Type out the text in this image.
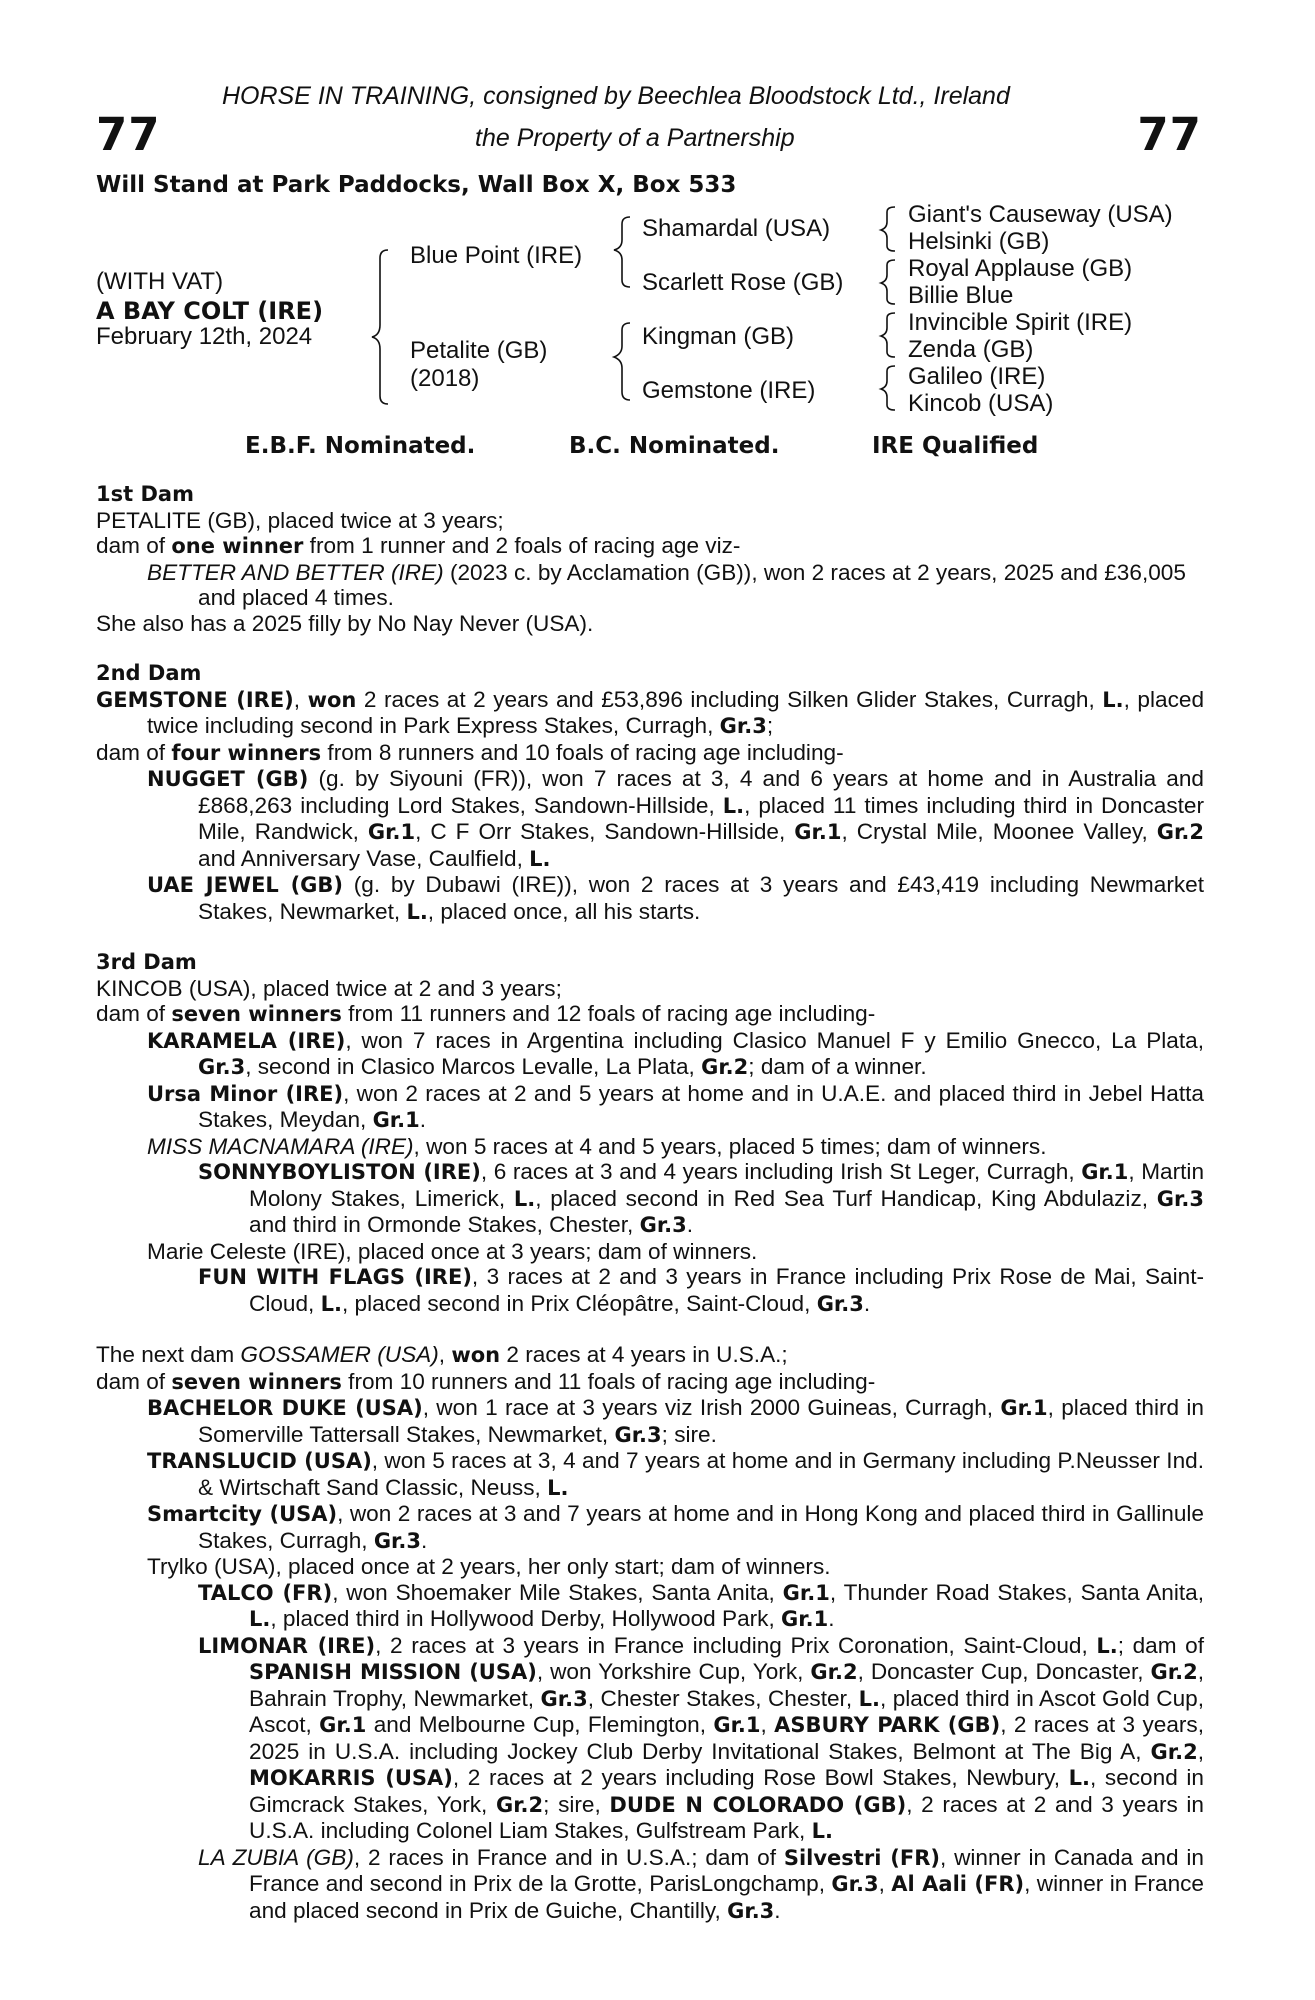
77	77
HORSE IN TRAINING, consigned by Beechlea Bloodstock Ltd., Ireland
the Property of a Partnership
Will Stand at Park Paddocks, Wall Box X, Box 533
(WITH VAT)
A BAY COLT (IRE)
February 12th, 2024
Blue Point (IRE)
Petalite (GB)
(2018)
Shamardal (USA)
Scarlett Rose (GB)
Kingman (GB)
Gemstone (IRE)
Giant's Causeway (USA)
Helsinki (GB)
Royal Applause (GB)
Billie Blue
Invincible Spirit (IRE)
Zenda (GB)
Galileo (IRE)
Kincob (USA)
E.B.F. Nominated.	B.C. Nominated.	IRE Qualified

1st Dam

PETALITE (GB), placed twice at 3 years;

dam of one winner from 1 runner and 2 foals of racing age viz-

BETTER AND BETTER (IRE) (2023 c. by Acclamation (GB)), won 2 races at 2 years, 2025 and £36,005 and placed 4 times.

She also has a 2025 filly by No Nay Never (USA).

2nd Dam

GEMSTONE (IRE), won 2 races at 2 years and £53,896 including Silken Glider Stakes, Curragh, L., placed twice including second in Park Express Stakes, Curragh, Gr.3;

dam of four winners from 8 runners and 10 foals of racing age including-

NUGGET (GB) (g. by Siyouni (FR)), won 7 races at 3, 4 and 6 years at home and in Australia and £868,263 including Lord Stakes, Sandown-Hillside, L., placed 11 times including third in Doncaster Mile, Randwick, Gr.1, C F Orr Stakes, Sandown-Hillside, Gr.1, Crystal Mile, Moonee Valley, Gr.2 and Anniversary Vase, Caulfield, L.

UAE JEWEL (GB) (g. by Dubawi (IRE)), won 2 races at 3 years and £43,419 including Newmarket Stakes, Newmarket, L., placed once, all his starts.

3rd Dam

KINCOB (USA), placed twice at 2 and 3 years;

dam of seven winners from 11 runners and 12 foals of racing age including-

KARAMELA (IRE), won 7 races in Argentina including Clasico Manuel F y Emilio Gnecco, La Plata, Gr.3, second in Clasico Marcos Levalle, La Plata, Gr.2; dam of a winner.

Ursa Minor (IRE), won 2 races at 2 and 5 years at home and in U.A.E. and placed third in Jebel Hatta Stakes, Meydan, Gr.1.

MISS MACNAMARA (IRE), won 5 races at 4 and 5 years, placed 5 times; dam of winners.

SONNYBOYLISTON (IRE), 6 races at 3 and 4 years including Irish St Leger, Curragh, Gr.1, Martin Molony Stakes, Limerick, L., placed second in Red Sea Turf Handicap, King Abdulaziz, Gr.3 and third in Ormonde Stakes, Chester, Gr.3.

Marie Celeste (IRE), placed once at 3 years; dam of winners.

FUN WITH FLAGS (IRE), 3 races at 2 and 3 years in France including Prix Rose de Mai, Saint-Cloud, L., placed second in Prix Cléopâtre, Saint-Cloud, Gr.3.

The next dam GOSSAMER (USA), won 2 races at 4 years in U.S.A.;

dam of seven winners from 10 runners and 11 foals of racing age including-

BACHELOR DUKE (USA), won 1 race at 3 years viz Irish 2000 Guineas, Curragh, Gr.1, placed third in Somerville Tattersall Stakes, Newmarket, Gr.3; sire.

TRANSLUCID (USA), won 5 races at 3, 4 and 7 years at home and in Germany including P.Neusser Ind. & Wirtschaft Sand Classic, Neuss, L.

Smartcity (USA), won 2 races at 3 and 7 years at home and in Hong Kong and placed third in Gallinule Stakes, Curragh, Gr.3.

Trylko (USA), placed once at 2 years, her only start; dam of winners.

TALCO (FR), won Shoemaker Mile Stakes, Santa Anita, Gr.1, Thunder Road Stakes, Santa Anita, L., placed third in Hollywood Derby, Hollywood Park, Gr.1.

LIMONAR (IRE), 2 races at 3 years in France including Prix Coronation, Saint-Cloud, L.; dam of SPANISH MISSION (USA), won Yorkshire Cup, York, Gr.2, Doncaster Cup, Doncaster, Gr.2, Bahrain Trophy, Newmarket, Gr.3, Chester Stakes, Chester, L., placed third in Ascot Gold Cup, Ascot, Gr.1 and Melbourne Cup, Flemington, Gr.1, ASBURY PARK (GB), 2 races at 3 years, 2025 in U.S.A. including Jockey Club Derby Invitational Stakes, Belmont at The Big A, Gr.2, MOKARRIS (USA), 2 races at 2 years including Rose Bowl Stakes, Newbury, L., second in Gimcrack Stakes, York, Gr.2; sire, DUDE N COLORADO (GB), 2 races at 2 and 3 years in U.S.A. including Colonel Liam Stakes, Gulfstream Park, L.

LA ZUBIA (GB), 2 races in France and in U.S.A.; dam of Silvestri (FR), winner in Canada and in France and second in Prix de la Grotte, ParisLongchamp, Gr.3, Al Aali (FR), winner in France and placed second in Prix de Guiche, Chantilly, Gr.3.
